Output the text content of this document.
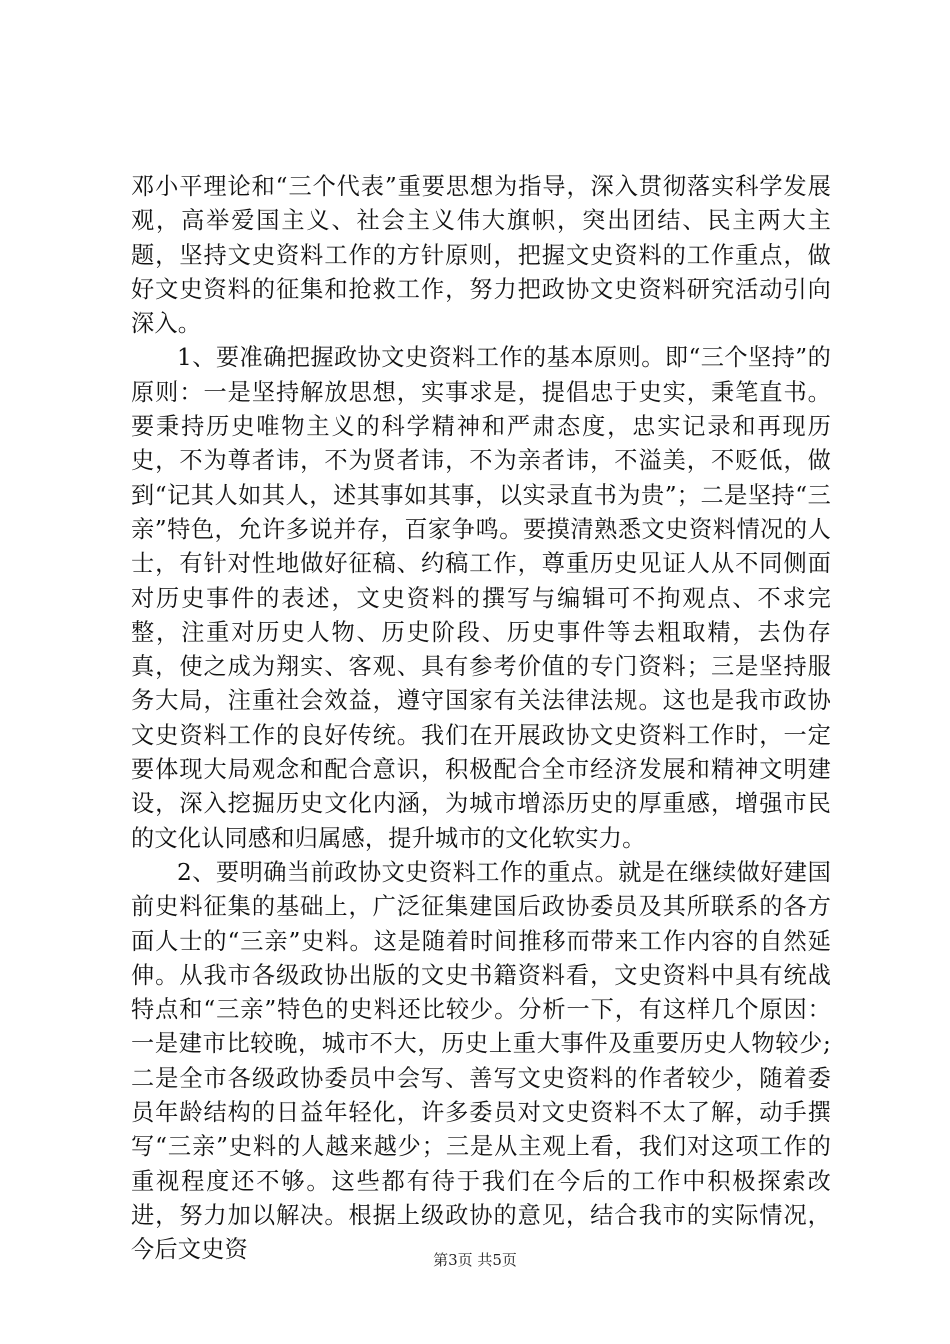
邓小平理论和“三个代表”重要思想为指导，深入贯彻落实科学发展观，高举爱国主义、社会主义伟大旗帜，突出团结、民主两大主题，坚持文史资料工作的方针原则，把握文史资料的工作重点，做好文史资料的征集和抢救工作，努力把政协文史资料研究活动引向深入。

1、要准确把握政协文史资料工作的基本原则。即“三个坚持”的原则：一是坚持解放思想，实事求是，提倡忠于史实，秉笔直书。要秉持历史唯物主义的科学精神和严肃态度，忠实记录和再现历史，不为尊者讳，不为贤者讳，不为亲者讳，不溢美，不贬低，做到“记其人如其人，述其事如其事，以实录直书为贵”；二是坚持“三亲”特色，允许多说并存，百家争鸣。要摸清熟悉文史资料情况的人士，有针对性地做好征稿、约稿工作，尊重历史见证人从不同侧面对历史事件的表述，文史资料的撰写与编辑可不拘观点、不求完整，注重对历史人物、历史阶段、历史事件等去粗取精，去伪存真，使之成为翔实、客观、具有参考价值的专门资料；三是坚持服务大局，注重社会效益，遵守国家有关法律法规。这也是我市政协文史资料工作的良好传统。我们在开展政协文史资料工作时，一定要体现大局观念和配合意识，积极配合全市经济发展和精神文明建设，深入挖掘历史文化内涵，为城市增添历史的厚重感，增强市民的文化认同感和归属感，提升城市的文化软实力。

2、要明确当前政协文史资料工作的重点。就是在继续做好建国前史料征集的基础上，广泛征集建国后政协委员及其所联系的各方面人士的“三亲”史料。这是随着时间推移而带来工作内容的自然延伸。从我市各级政协出版的文史书籍资料看，文史资料中具有统战特点和“三亲”特色的史料还比较少。分析一下，有这样几个原因：一是建市比较晚，城市不大，历史上重大事件及重要历史人物较少;二是全市各级政协委员中会写、善写文史资料的作者较少，随着委员年龄结构的日益年轻化，许多委员对文史资料不太了解，动手撰写“三亲”史料的人越来越少；三是从主观上看，我们对这项工作的重视程度还不够。这些都有待于我们在今后的工作中积极探索改进，努力加以解决。根据上级政协的意见，结合我市的实际情况，今后文史资	第3页 共5页
